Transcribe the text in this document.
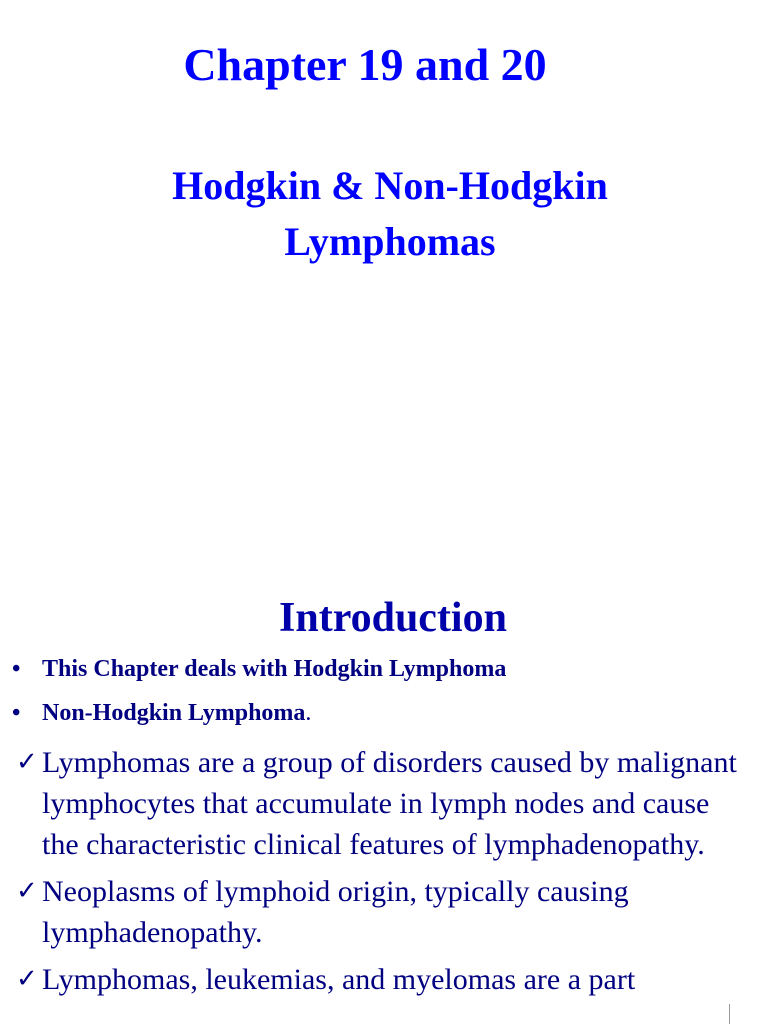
Chapter 19 and 20
Hodgkin & Non-Hodgkin
Lymphomas
Introduction
• This Chapter deals with Hodgkin Lymphoma
• Non-Hodgkin Lymphoma.
✓ Lymphomas are a group of disorders caused by malignant lymphocytes that accumulate in lymph nodes and cause the characteristic clinical features of lymphadenopathy.
✓ Neoplasms of lymphoid origin, typically causing lymphadenopathy.
✓ Lymphomas, leukemias, and myelomas are a part
